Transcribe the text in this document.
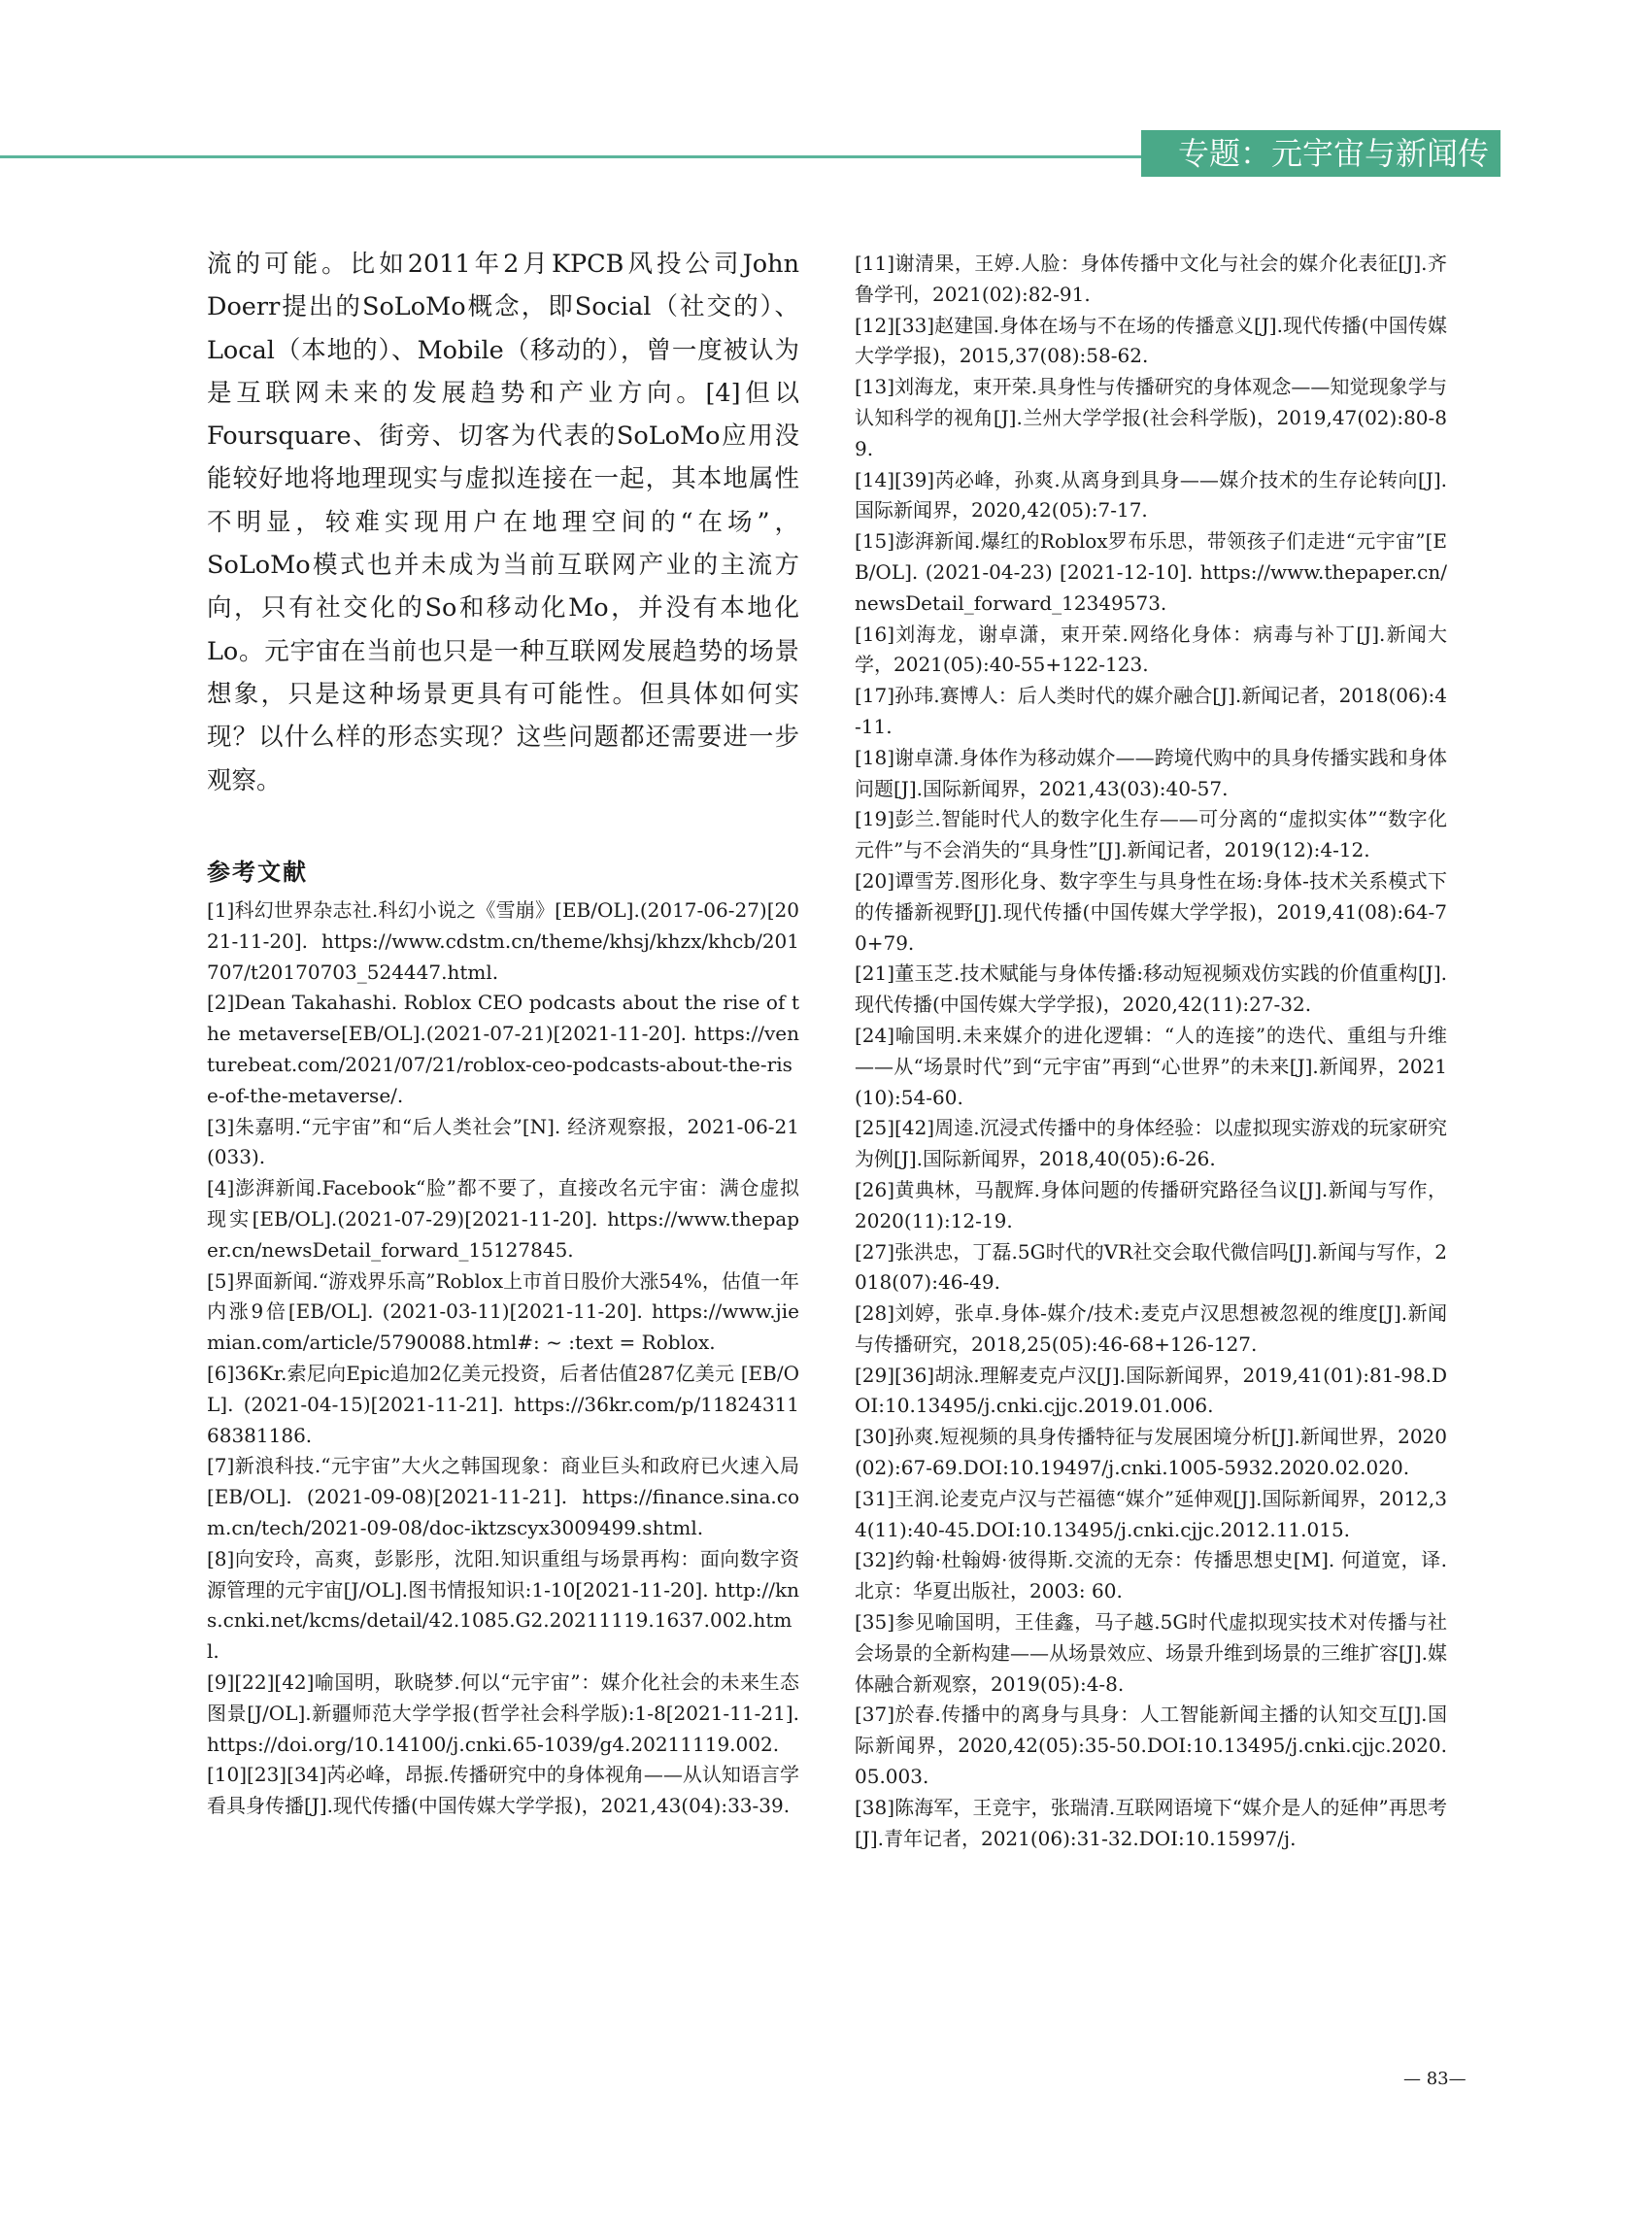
专题：元宇宙与新闻传播

流的可能。比如2011年2月KPCB风投公司John Doerr提出的SoLoMo概念，即Social（社交的）、Local（本地的）、Mobile（移动的），曾一度被认为是互联网未来的发展趋势和产业方向。[4]但以Foursquare、街旁、切客为代表的SoLoMo应用没能较好地将地理现实与虚拟连接在一起，其本地属性不明显，较难实现用户在地理空间的“在场”，SoLoMo模式也并未成为当前互联网产业的主流方向，只有社交化的So和移动化Mo，并没有本地化Lo。元宇宙在当前也只是一种互联网发展趋势的场景想象，只是这种场景更具有可能性。但具体如何实现？以什么样的形态实现？这些问题都还需要进一步观察。

参考文献

[1]科幻世界杂志社.科幻小说之《雪崩》[EB/OL].(2017-06-27)[2021-11-20]. https://www.cdstm.cn/theme/khsj/khzx/khcb/201707/t20170703_524447.html.

[2]Dean Takahashi. Roblox CEO podcasts about the rise of the metaverse[EB/OL].(2021-07-21)[2021-11-20]. https://venturebeat.com/2021/07/21/roblox-ceo-podcasts-about-the-rise-of-the-metaverse/.

[3]朱嘉明.“元宇宙”和“后人类社会”[N]. 经济观察报，2021-06-21(033).

[4]澎湃新闻.Facebook“脸”都不要了，直接改名元宇宙：满仓虚拟现实[EB/OL].(2021-07-29)[2021-11-20]. https://www.thepaper.cn/newsDetail_forward_15127845.

[5]界面新闻.“游戏界乐高”Roblox上市首日股价大涨54%，估值一年内涨9倍[EB/OL]. (2021-03-11)[2021-11-20]. https://www.jiemian.com/article/5790088.html#: ~ :text = Roblox.

[6]36Kr.索尼向Epic追加2亿美元投资，后者估值287亿美元 [EB/OL]. (2021-04-15)[2021-11-21]. https://36kr.com/p/1182431168381186.

[7]新浪科技.“元宇宙”大火之韩国现象：商业巨头和政府已火速入局[EB/OL]. (2021-09-08)[2021-11-21]. https://finance.sina.com.cn/tech/2021-09-08/doc-iktzscyx3009499.shtml.

[8]向安玲，高爽，彭影彤，沈阳.知识重组与场景再构：面向数字资源管理的元宇宙[J/OL].图书情报知识:1-10[2021-11-20]. http://kns.cnki.net/kcms/detail/42.1085.G2.20211119.1637.002.html.

[9][22][42]喻国明，耿晓梦.何以“元宇宙”：媒介化社会的未来生态图景[J/OL].新疆师范大学学报(哲学社会科学版):1-8[2021-11-21].https://doi.org/10.14100/j.cnki.65-1039/g4.20211119.002.

[10][23][34]芮必峰，昂振.传播研究中的身体视角——从认知语言学看具身传播[J].现代传播(中国传媒大学学报)，2021,43(04):33-39.

[11]谢清果，王婷.人脸：身体传播中文化与社会的媒介化表征[J].齐鲁学刊，2021(02):82-91.

[12][33]赵建国.身体在场与不在场的传播意义[J].现代传播(中国传媒大学学报)，2015,37(08):58-62.

[13]刘海龙，束开荣.具身性与传播研究的身体观念——知觉现象学与认知科学的视角[J].兰州大学学报(社会科学版)，2019,47(02):80-89.

[14][39]芮必峰，孙爽.从离身到具身——媒介技术的生存论转向[J].国际新闻界，2020,42(05):7-17.

[15]澎湃新闻.爆红的Roblox罗布乐思，带领孩子们走进“元宇宙”[EB/OL]. (2021-04-23) [2021-12-10]. https://www.thepaper.cn/newsDetail_forward_12349573.

[16]刘海龙，谢卓潇，束开荣.网络化身体：病毒与补丁[J].新闻大学，2021(05):40-55+122-123.

[17]孙玮.赛博人：后人类时代的媒介融合[J].新闻记者，2018(06):4-11.

[18]谢卓潇.身体作为移动媒介——跨境代购中的具身传播实践和身体问题[J].国际新闻界，2021,43(03):40-57.

[19]彭兰.智能时代人的数字化生存——可分离的“虚拟实体”“数字化元件”与不会消失的“具身性”[J].新闻记者，2019(12):4-12.

[20]谭雪芳.图形化身、数字孪生与具身性在场:身体-技术关系模式下的传播新视野[J].现代传播(中国传媒大学学报)，2019,41(08):64-70+79.

[21]董玉芝.技术赋能与身体传播:移动短视频戏仿实践的价值重构[J].现代传播(中国传媒大学学报)，2020,42(11):27-32.

[24]喻国明.未来媒介的进化逻辑：“人的连接”的迭代、重组与升维——从“场景时代”到“元宇宙”再到“心世界”的未来[J].新闻界，2021(10):54-60.

[25][42]周逵.沉浸式传播中的身体经验：以虚拟现实游戏的玩家研究为例[J].国际新闻界，2018,40(05):6-26.

[26]黄典林，马靓辉.身体问题的传播研究路径刍议[J].新闻与写作，2020(11):12-19.

[27]张洪忠，丁磊.5G时代的VR社交会取代微信吗[J].新闻与写作，2018(07):46-49.

[28]刘婷，张卓.身体-媒介/技术:麦克卢汉思想被忽视的维度[J].新闻与传播研究，2018,25(05):46-68+126-127.

[29][36]胡泳.理解麦克卢汉[J].国际新闻界，2019,41(01):81-98.DOI:10.13495/j.cnki.cjjc.2019.01.006.

[30]孙爽.短视频的具身传播特征与发展困境分析[J].新闻世界，2020(02):67-69.DOI:10.19497/j.cnki.1005-5932.2020.02.020.

[31]王润.论麦克卢汉与芒福德“媒介”延伸观[J].国际新闻界，2012,34(11):40-45.DOI:10.13495/j.cnki.cjjc.2012.11.015.

[32]约翰·杜翰姆·彼得斯.交流的无奈：传播思想史[M]. 何道宽，译. 北京：华夏出版社，2003: 60.

[35]参见喻国明，王佳鑫，马子越.5G时代虚拟现实技术对传播与社会场景的全新构建——从场景效应、场景升维到场景的三维扩容[J].媒体融合新观察，2019(05):4-8.

[37]於春.传播中的离身与具身：人工智能新闻主播的认知交互[J].国际新闻界，2020,42(05):35-50.DOI:10.13495/j.cnki.cjjc.2020.05.003.

[38]陈海军，王竞宇，张瑞清.互联网语境下“媒介是人的延伸”再思考[J].青年记者，2021(06):31-32.DOI:10.15997/j.

— 83—
